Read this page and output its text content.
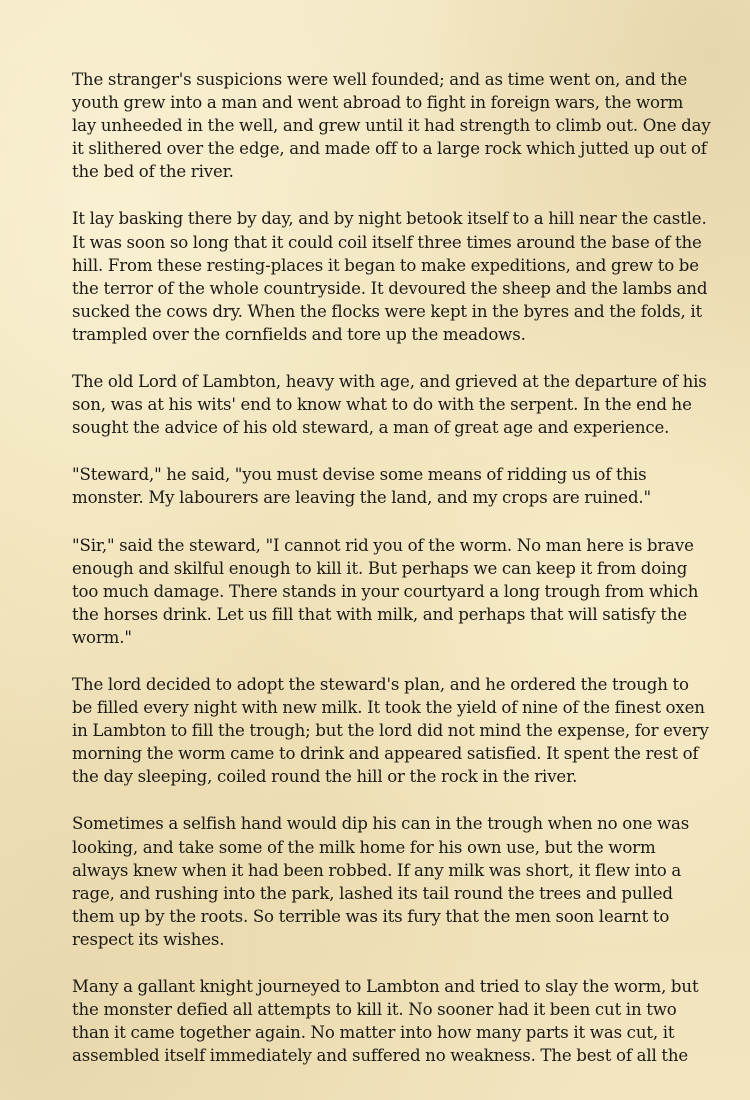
The stranger's suspicions were well founded; and as time went on, and the youth grew into a man and went abroad to fight in foreign wars, the worm lay unheeded in the well, and grew until it had strength to climb out. One day it slithered over the edge, and made off to a large rock which jutted up out of the bed of the river.

It lay basking there by day, and by night betook itself to a hill near the castle. It was soon so long that it could coil itself three times around the base of the hill. From these resting-places it began to make expeditions, and grew to be the terror of the whole countryside. It devoured the sheep and the lambs and sucked the cows dry. When the flocks were kept in the byres and the folds, it trampled over the cornfields and tore up the meadows.

The old Lord of Lambton, heavy with age, and grieved at the departure of his son, was at his wits' end to know what to do with the serpent. In the end he sought the advice of his old steward, a man of great age and experience.

"Steward," he said, "you must devise some means of ridding us of this monster. My labourers are leaving the land, and my crops are ruined."

"Sir," said the steward, "I cannot rid you of the worm. No man here is brave enough and skilful enough to kill it. But perhaps we can keep it from doing too much damage. There stands in your courtyard a long trough from which the horses drink. Let us fill that with milk, and perhaps that will satisfy the worm."

The lord decided to adopt the steward's plan, and he ordered the trough to be filled every night with new milk. It took the yield of nine of the finest oxen in Lambton to fill the trough; but the lord did not mind the expense, for every morning the worm came to drink and appeared satisfied. It spent the rest of the day sleeping, coiled round the hill or the rock in the river.

Sometimes a selfish hand would dip his can in the trough when no one was looking, and take some of the milk home for his own use, but the worm always knew when it had been robbed. If any milk was short, it flew into a rage, and rushing into the park, lashed its tail round the trees and pulled them up by the roots. So terrible was its fury that the men soon learnt to respect its wishes.

Many a gallant knight journeyed to Lambton and tried to slay the worm, but the monster defied all attempts to kill it. No sooner had it been cut in two than it came together again. No matter into how many parts it was cut, it assembled itself immediately and suffered no weakness. The best of all the
